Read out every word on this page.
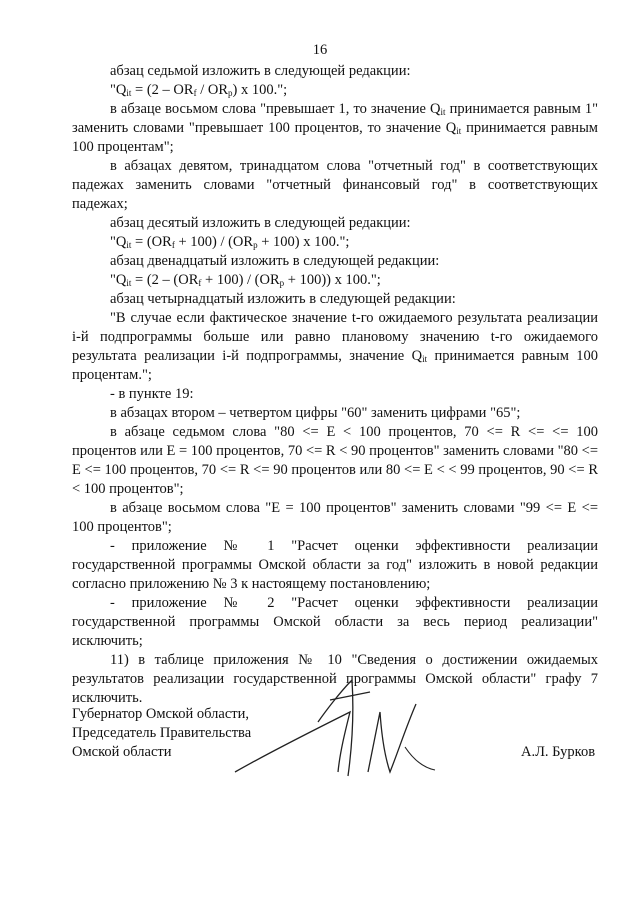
16

абзац седьмой изложить в следующей редакции:

"$Q_{it} = (2 - OR_f / OR_p)$ х 100.";

в абзаце восьмом слова "превышает 1, то значение $Q_{it}$ принимается равным 1" заменить словами "превышает 100 процентов, то значение $Q_{it}$ принимается равным 100 процентам";

в абзацах девятом, тринадцатом слова "отчетный год" в соответствующих падежах заменить словами "отчетный финансовый год" в соответствующих падежах;

абзац десятый изложить в следующей редакции:

"$Q_{it} = (OR_f + 100) / (OR_p + 100)$ х 100.";

абзац двенадцатый изложить в следующей редакции:

"$Q_{it} = (2 - (OR_f + 100) / (OR_p + 100))$ х 100.";

абзац четырнадцатый изложить в следующей редакции:

"В случае если фактическое значение t-го ожидаемого результата реализации i-й подпрограммы больше или равно плановому значению t-го ожидаемого результата реализации i-й подпрограммы, значение $Q_{it}$ принимается равным 100 процентам.";

- в пункте 19:

в абзацах втором – четвертом цифры "60" заменить цифрами "65";

в абзаце седьмом слова "80 <= E < 100 процентов, 70 <= R <= <= 100 процентов или E = 100 процентов, 70 <= R < 90 процентов" заменить словами "80 <= E <= 100 процентов, 70 <= R <= 90 процентов или 80 <= E < < 99 процентов, 90 <= R < 100 процентов";

в абзаце восьмом слова "E = 100 процентов" заменить словами "99 <= E <= 100 процентов";

- приложение № 1 "Расчет оценки эффективности реализации государственной программы Омской области за год" изложить в новой редакции согласно приложению № 3 к настоящему постановлению;

- приложение № 2 "Расчет оценки эффективности реализации государственной программы Омской области за весь период реализации" исключить;

11) в таблице приложения № 10 "Сведения о достижении ожидаемых результатов реализации государственной программы Омской области" графу 7 исключить.

Губернатор Омской области,
Председатель Правительства
Омской области	А.Л. Бурков
